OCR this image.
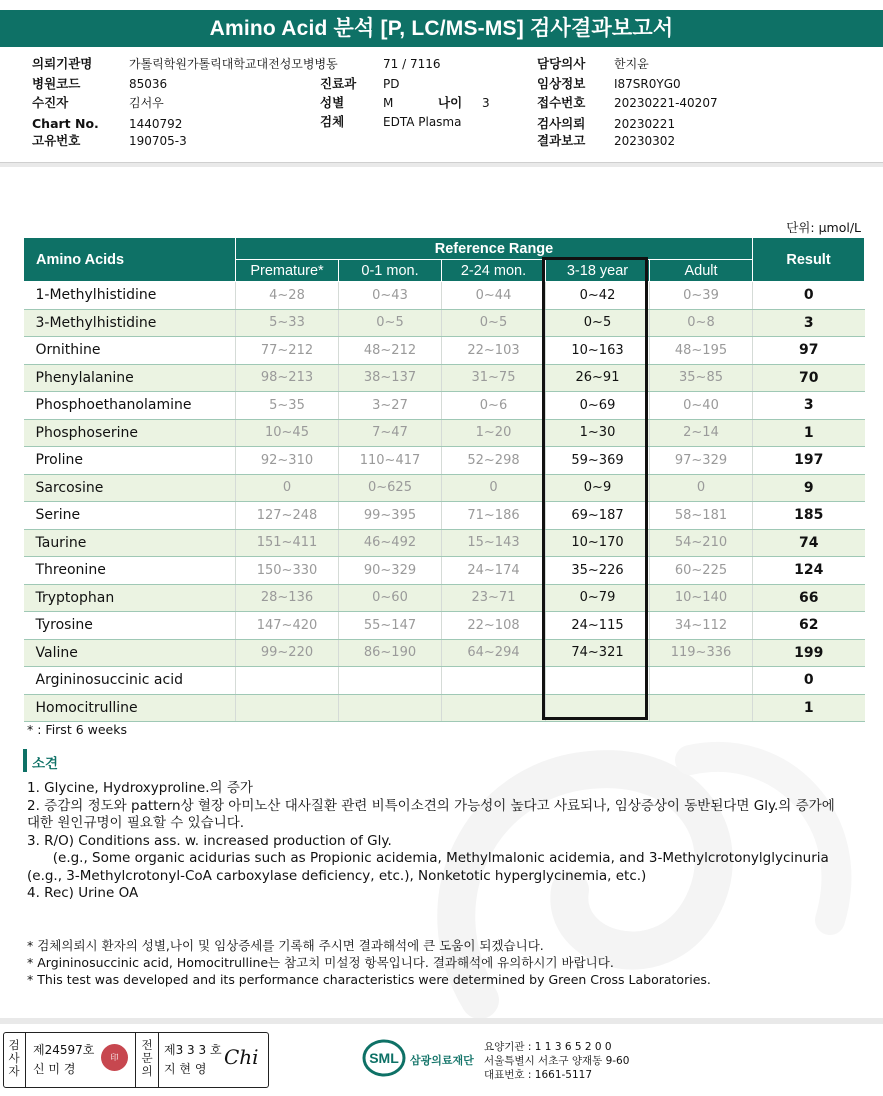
Amino Acid 분석 [P, LC/MS-MS] 검사결과보고서
의뢰기관명	가톨릭학원가톨릭대학교대전성모병병동	71 / 7116	담당의사 한지윤
병원코드	85036	진료과 PD	임상정보 I87SR0YG0
수진자	김서우	성별	M	나이 3	접수번호 20230221-40207
Chart No.	1440792	검체	EDTA Plasma	검사의뢰 20230221
고유번호	190705-3	결과보고 20230302
단위: μmol/L
Amino Acids	Reference Range					Result
	Premature*	0-1 mon.	2-24 mon.	3-18 year	Adult	
1-Methylhistidine	4~28	0~43	0~44	0~42	0~39	0
3-Methylhistidine	5~33	0~5	0~5	0~5	0~8	3
Ornithine	77~212	48~212	22~103	10~163	48~195	97
Phenylalanine	98~213	38~137	31~75	26~91	35~85	70
Phosphoethanolamine	5~35	3~27	0~6	0~69	0~40	3
Phosphoserine	10~45	7~47	1~20	1~30	2~14	1
Proline	92~310	110~417	52~298	59~369	97~329	197
Sarcosine	0	0~625	0	0~9	0	9
Serine	127~248	99~395	71~186	69~187	58~181	185
Taurine	151~411	46~492	15~143	10~170	54~210	74
Threonine	150~330	90~329	24~174	35~226	60~225	124
Tryptophan	28~136	0~60	23~71	0~79	10~140	66
Tyrosine	147~420	55~147	22~108	24~115	34~112	62
Valine	99~220	86~190	64~294	74~321	119~336	199
Argininosuccinic acid						0
Homocitrulline						1
* : First 6 weeks
소견
1. Glycine, Hydroxyproline.의 증가
2. 증감의 정도와 pattern상 혈장 아미노산 대사질환 관련 비특이소견의 가능성이 높다고 사료되나, 임상증상이 동반된다면 Gly.의 증가에 대한 원인규명이 필요할 수 있습니다.
3. R/O) Conditions ass. w. increased production of Gly.
(e.g., Some organic acidurias such as Propionic acidemia, Methylmalonic acidemia, and 3-Methylcrotonylglycinuria (e.g., 3-Methylcrotonyl-CoA carboxylase deficiency, etc.), Nonketotic hyperglycinemia, etc.)
4. Rec) Urine OA
* 검체의뢰시 환자의 성별,나이 및 임상증세를 기록해 주시면 결과해석에 큰 도움이 되겠습니다.
* Argininosuccinic acid, Homocitrulline는 참고치 미설정 항목입니다. 결과해석에 유의하시기 바랍니다.
* This test was developed and its performance characteristics were determined by Green Cross Laboratories.
검
사
자
제24597호
신 미 경
전
문
의
제3 3 3 호
지 현 영 Chi
印	SML 삼광의료재단
요양기관 : 1 1 3 6 5 2 0 0
서울특별시 서초구 양재동 9-60
대표번호 : 1661-5117
